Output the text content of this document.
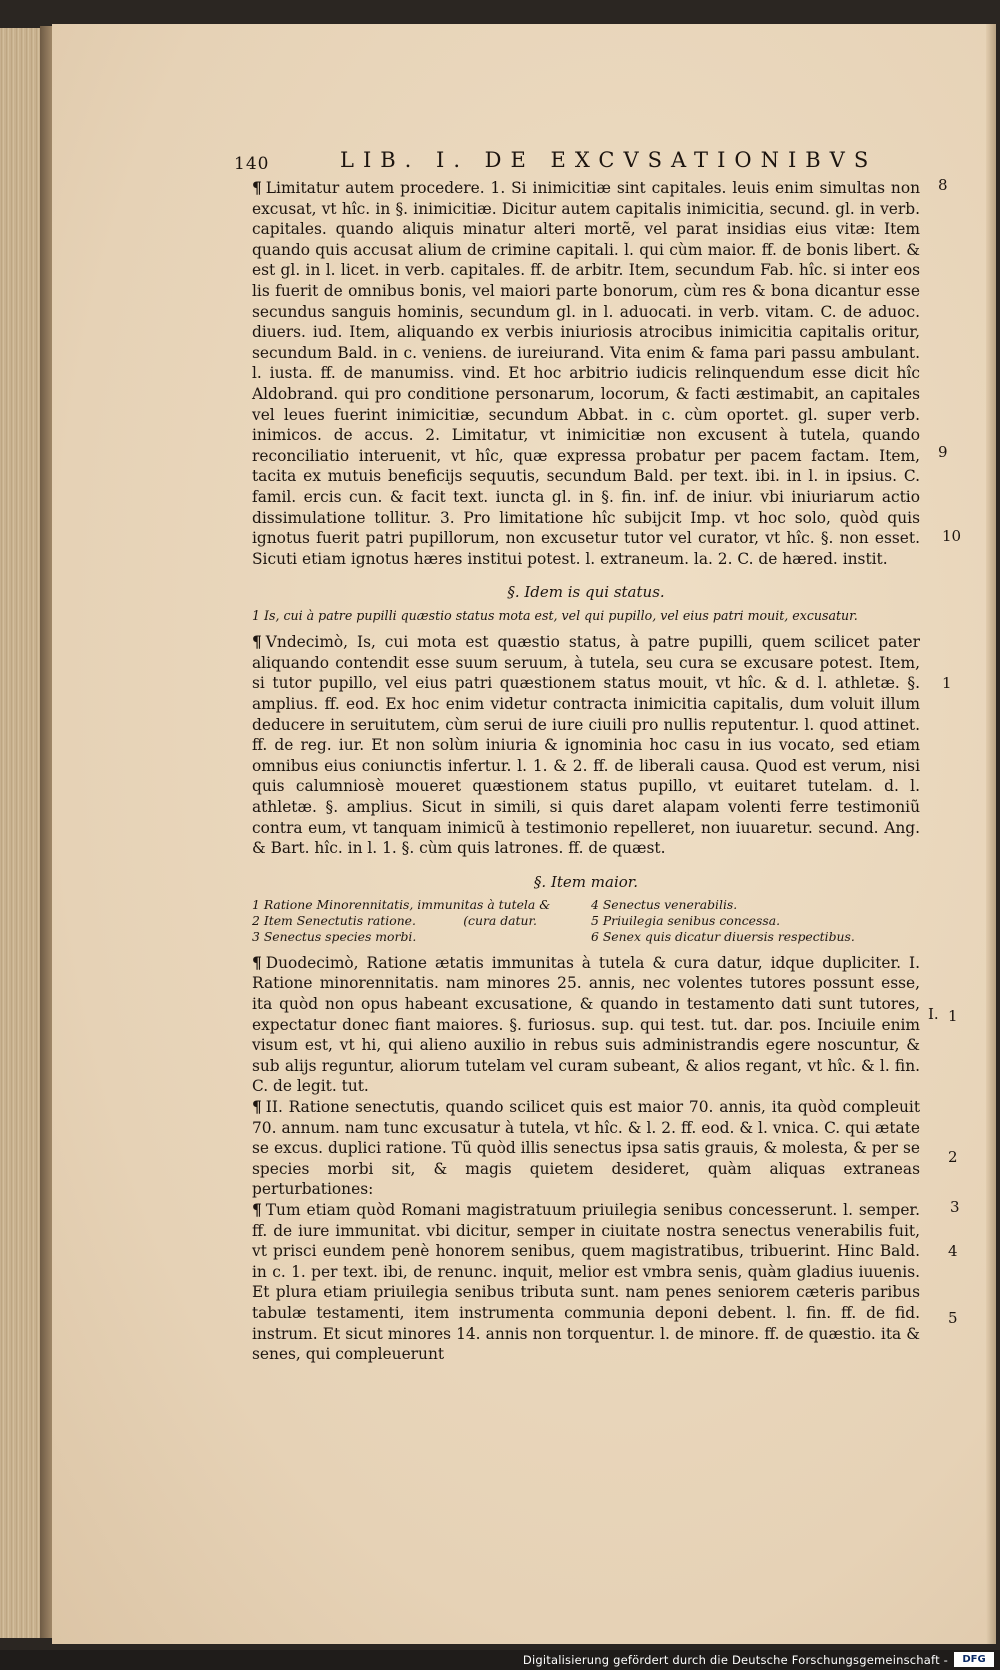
140	LIB. I. DE EXCVSATIONIBVS

¶ Limitatur autem procedere. 1. Si inimicitiæ sint capitales. leuis enim simultas non excusat, vt hîc. in §. inimicitiæ. Dicitur autem capitalis inimicitia, secund. gl. in verb. capitales. quando aliquis minatur alteri mortẽ, vel parat insidias eius vitæ: Item quando quis accusat alium de crimine capitali. l. qui cùm maior. ff. de bonis libert. & est gl. in l. licet. in verb. capitales. ff. de arbitr. Item, secundum Fab. hîc. si inter eos lis fuerit de omnibus bonis, vel maiori parte bonorum, cùm res & bona dicantur esse secundus sanguis hominis, secundum gl. in l. aduocati. in verb. vitam. C. de aduoc. diuers. iud. Item, aliquando ex verbis iniuriosis atrocibus inimicitia capitalis oritur, secundum Bald. in c. veniens. de iureiurand. Vita enim & fama pari passu ambulant. l. iusta. ff. de manumiss. vind. Et hoc arbitrio iudicis relinquendum esse dicit hîc Aldobrand. qui pro conditione personarum, locorum, & facti æstimabit, an capitales vel leues fuerint inimicitiæ, secundum Abbat. in c. cùm oportet. gl. super verb. inimicos. de accus. 2. Limitatur, vt inimicitiæ non excusent à tutela, quando reconciliatio interuenit, vt hîc, quæ expressa probatur per pacem factam. Item, tacita ex mutuis beneficijs sequutis, secundum Bald. per text. ibi. in l. in ipsius. C. famil. ercis cun. & facit text. iuncta gl. in §. fin. inf. de iniur. vbi iniuriarum actio dissimulatione tollitur. 3. Pro limitatione hîc subijcit Imp. vt hoc solo, quòd quis ignotus fuerit patri pupillorum, non excusetur tutor vel curator, vt hîc. §. non esset. Sicuti etiam ignotus hæres institui potest. l. extraneum. la. 2. C. de hæred. instit.

§. Idem is qui status.
1 Is, cui à patre pupilli quæstio status mota est, vel qui pupillo, vel eius patri mouit, excusatur.

¶ Vndecimò, Is, cui mota est quæstio status, à patre pupilli, quem scilicet pater aliquando contendit esse suum seruum, à tutela, seu cura se excusare potest. Item, si tutor pupillo, vel eius patri quæstionem status mouit, vt hîc. & d. l. athletæ. §. amplius. ff. eod. Ex hoc enim videtur contracta inimicitia capitalis, dum voluit illum deducere in seruitutem, cùm serui de iure ciuili pro nullis reputentur. l. quod attinet. ff. de reg. iur. Et non solùm iniuria & ignominia hoc casu in ius vocato, sed etiam omnibus eius coniunctis infertur. l. 1. & 2. ff. de liberali causa. Quod est verum, nisi quis calumniosè moueret quæstionem status pupillo, vt euitaret tutelam. d. l. athletæ. §. amplius. Sicut in simili, si quis daret alapam volenti ferre testimoniũ contra eum, vt tanquam inimicũ à testimonio repelleret, non iuuaretur. secund. Ang. & Bart. hîc. in l. 1. §. cùm quis latrones. ff. de quæst.

§. Item maior.
1 Ratione Minorennitatis, immunitas à tutela &
2 Item Senectutis ratione.            (cura datur.
3 Senectus species morbi.
4 Senectus venerabilis.
5 Priuilegia senibus concessa.
6 Senex quis dicatur diuersis respectibus.

¶ Duodecimò, Ratione ætatis immunitas à tutela & cura datur, idque dupliciter. I. Ratione minorennitatis. nam minores 25. annis, nec volentes tutores possunt esse, ita quòd non opus habeant excusatione, & quando in testamento dati sunt tutores, expectatur donec fiant maiores. §. furiosus. sup. qui test. tut. dar. pos. Inciuile enim visum est, vt hi, qui alieno auxilio in rebus suis administrandis egere noscuntur, & sub alijs reguntur, aliorum tutelam vel curam subeant, & alios regant, vt hîc. & l. fin. C. de legit. tut.

¶ II. Ratione senectutis, quando scilicet quis est maior 70. annis, ita quòd compleuit 70. annum. nam tunc excusatur à tutela, vt hîc. & l. 2. ff. eod. & l. vnica. C. qui ætate se excus. duplici ratione. Tũ quòd illis senectus ipsa satis grauis, & molesta, & per se species morbi sit, & magis quietem desideret, quàm aliquas extraneas perturbationes:

¶ Tum etiam quòd Romani magistratuum priuilegia senibus concesserunt. l. semper. ff. de iure immunitat. vbi dicitur, semper in ciuitate nostra senectus venerabilis fuit, vt prisci eundem penè honorem senibus, quem magistratibus, tribuerint. Hinc Bald. in c. 1. per text. ibi, de renunc. inquit, melior est vmbra senis, quàm gladius iuuenis. Et plura etiam priuilegia senibus tributa sunt. nam penes seniorem cæteris paribus tabulæ testamenti, item instrumenta communia deponi debent. l. fin. ff. de fid. instrum. Et sicut minores 14. annis non torquentur. l. de minore. ff. de quæstio. ita & senes, qui compleuerunt

8
9
10
1
I. 1
2
3
4
5
Digitalisierung gefördert durch die Deutsche Forschungsgemeinschaft -	DFG
